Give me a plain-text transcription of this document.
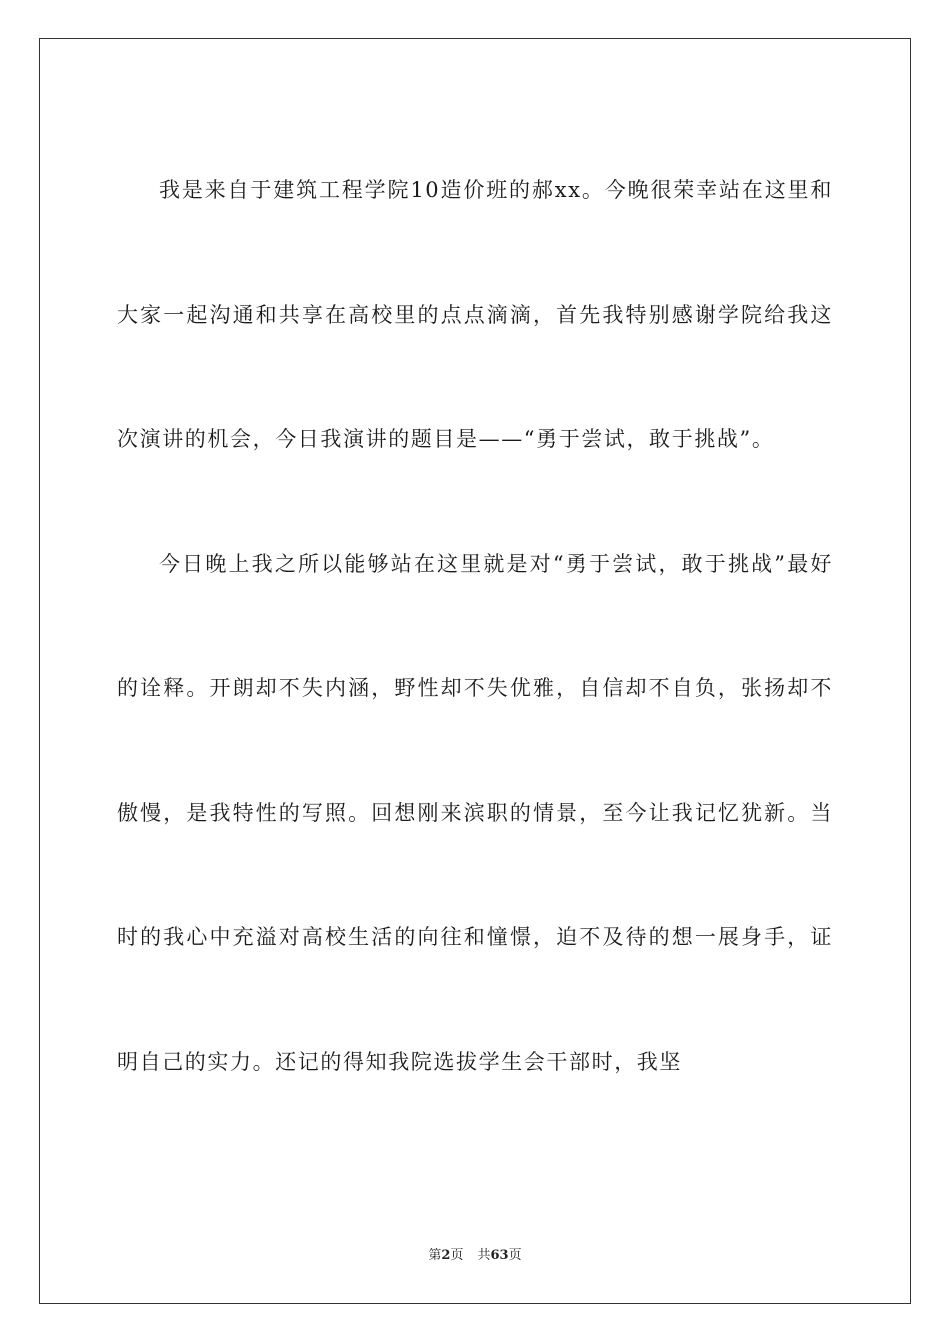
我是来自于建筑工程学院10造价班的郝xx。今晚很荣幸站在这里和大家一起沟通和共享在高校里的点点滴滴，首先我特别感谢学院给我这次演讲的机会，今日我演讲的题目是——“勇于尝试，敢于挑战”。

今日晚上我之所以能够站在这里就是对“勇于尝试，敢于挑战”最好的诠释。开朗却不失内涵，野性却不失优雅，自信却不自负，张扬却不傲慢，是我特性的写照。回想刚来滨职的情景，至今让我记忆犹新。当时的我心中充溢对高校生活的向往和憧憬，迫不及待的想一展身手，证明自己的实力。还记的得知我院选拔学生会干部时，我坚

第2页 共63页
